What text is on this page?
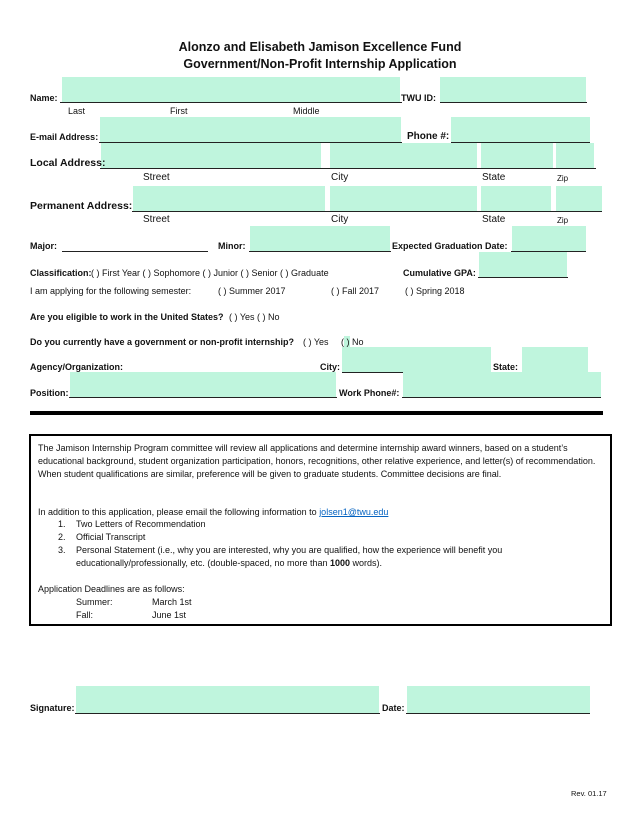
Alonzo and Elisabeth Jamison Excellence Fund
Government/Non-Profit Internship Application
Name:	TWU ID:
Last	First	Middle
E-mail Address:	Phone #:
Local Address:
Street	City	State	Zip
Permanent Address:
Street	City	State	Zip
Major:	Minor:	Expected Graduation Date:
Classification: ( ) First Year ( ) Sophomore ( ) Junior ( ) Senior ( ) Graduate	Cumulative GPA:
I am applying for the following semester:	( ) Summer 2017	( ) Fall 2017	( ) Spring 2018
Are you eligible to work in the United States? ( ) Yes ( ) No
Do you currently have a government or non-profit internship? ( ) Yes ( ) No
Agency/Organization:	City:	State:
Position:	Work Phone#:
The Jamison Internship Program committee will review all applications and determine internship award winners, based on a student’s educational background, student organization participation, honors, recognitions, other relative experience, and letter(s) of recommendation. When student qualifications are similar, preference will be given to graduate students. Committee decisions are final.
In addition to this application, please email the following information to jolsen1@twu.edu
1. Two Letters of Recommendation
2. Official Transcript
3. Personal Statement (i.e., why you are interested, why you are qualified, how the experience will benefit you
educationally/professionally, etc. (double-spaced, no more than 1000 words).
Application Deadlines are as follows:
Summer:	March 1st
Fall:	June 1st
Signature:	Date:
Rev. 01.17
